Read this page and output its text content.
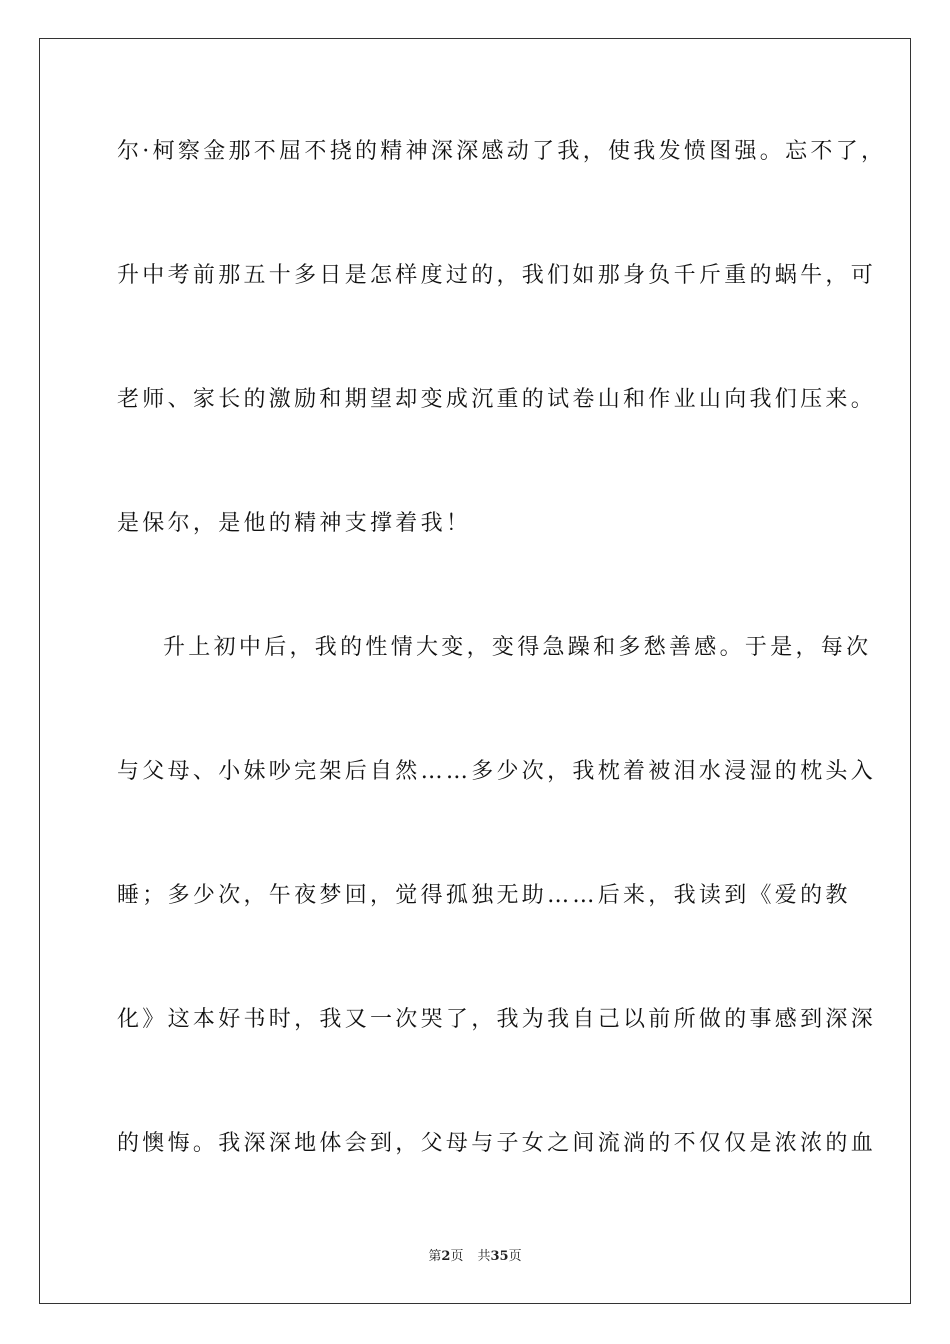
尔·柯察金那不屈不挠的精神深深感动了我，使我发愤图强。忘不了，
升中考前那五十多日是怎样度过的，我们如那身负千斤重的蜗牛，可
老师、家长的激励和期望却变成沉重的试卷山和作业山向我们压来。
是保尔，是他的精神支撑着我！
升上初中后，我的性情大变，变得急躁和多愁善感。于是，每次
与父母、小妹吵完架后自然……多少次，我枕着被泪水浸湿的枕头入
睡；多少次，午夜梦回，觉得孤独无助……后来，我读到《爱的教
化》这本好书时，我又一次哭了，我为我自己以前所做的事感到深深
的懊悔。我深深地体会到，父母与子女之间流淌的不仅仅是浓浓的血
第2页 共35页
